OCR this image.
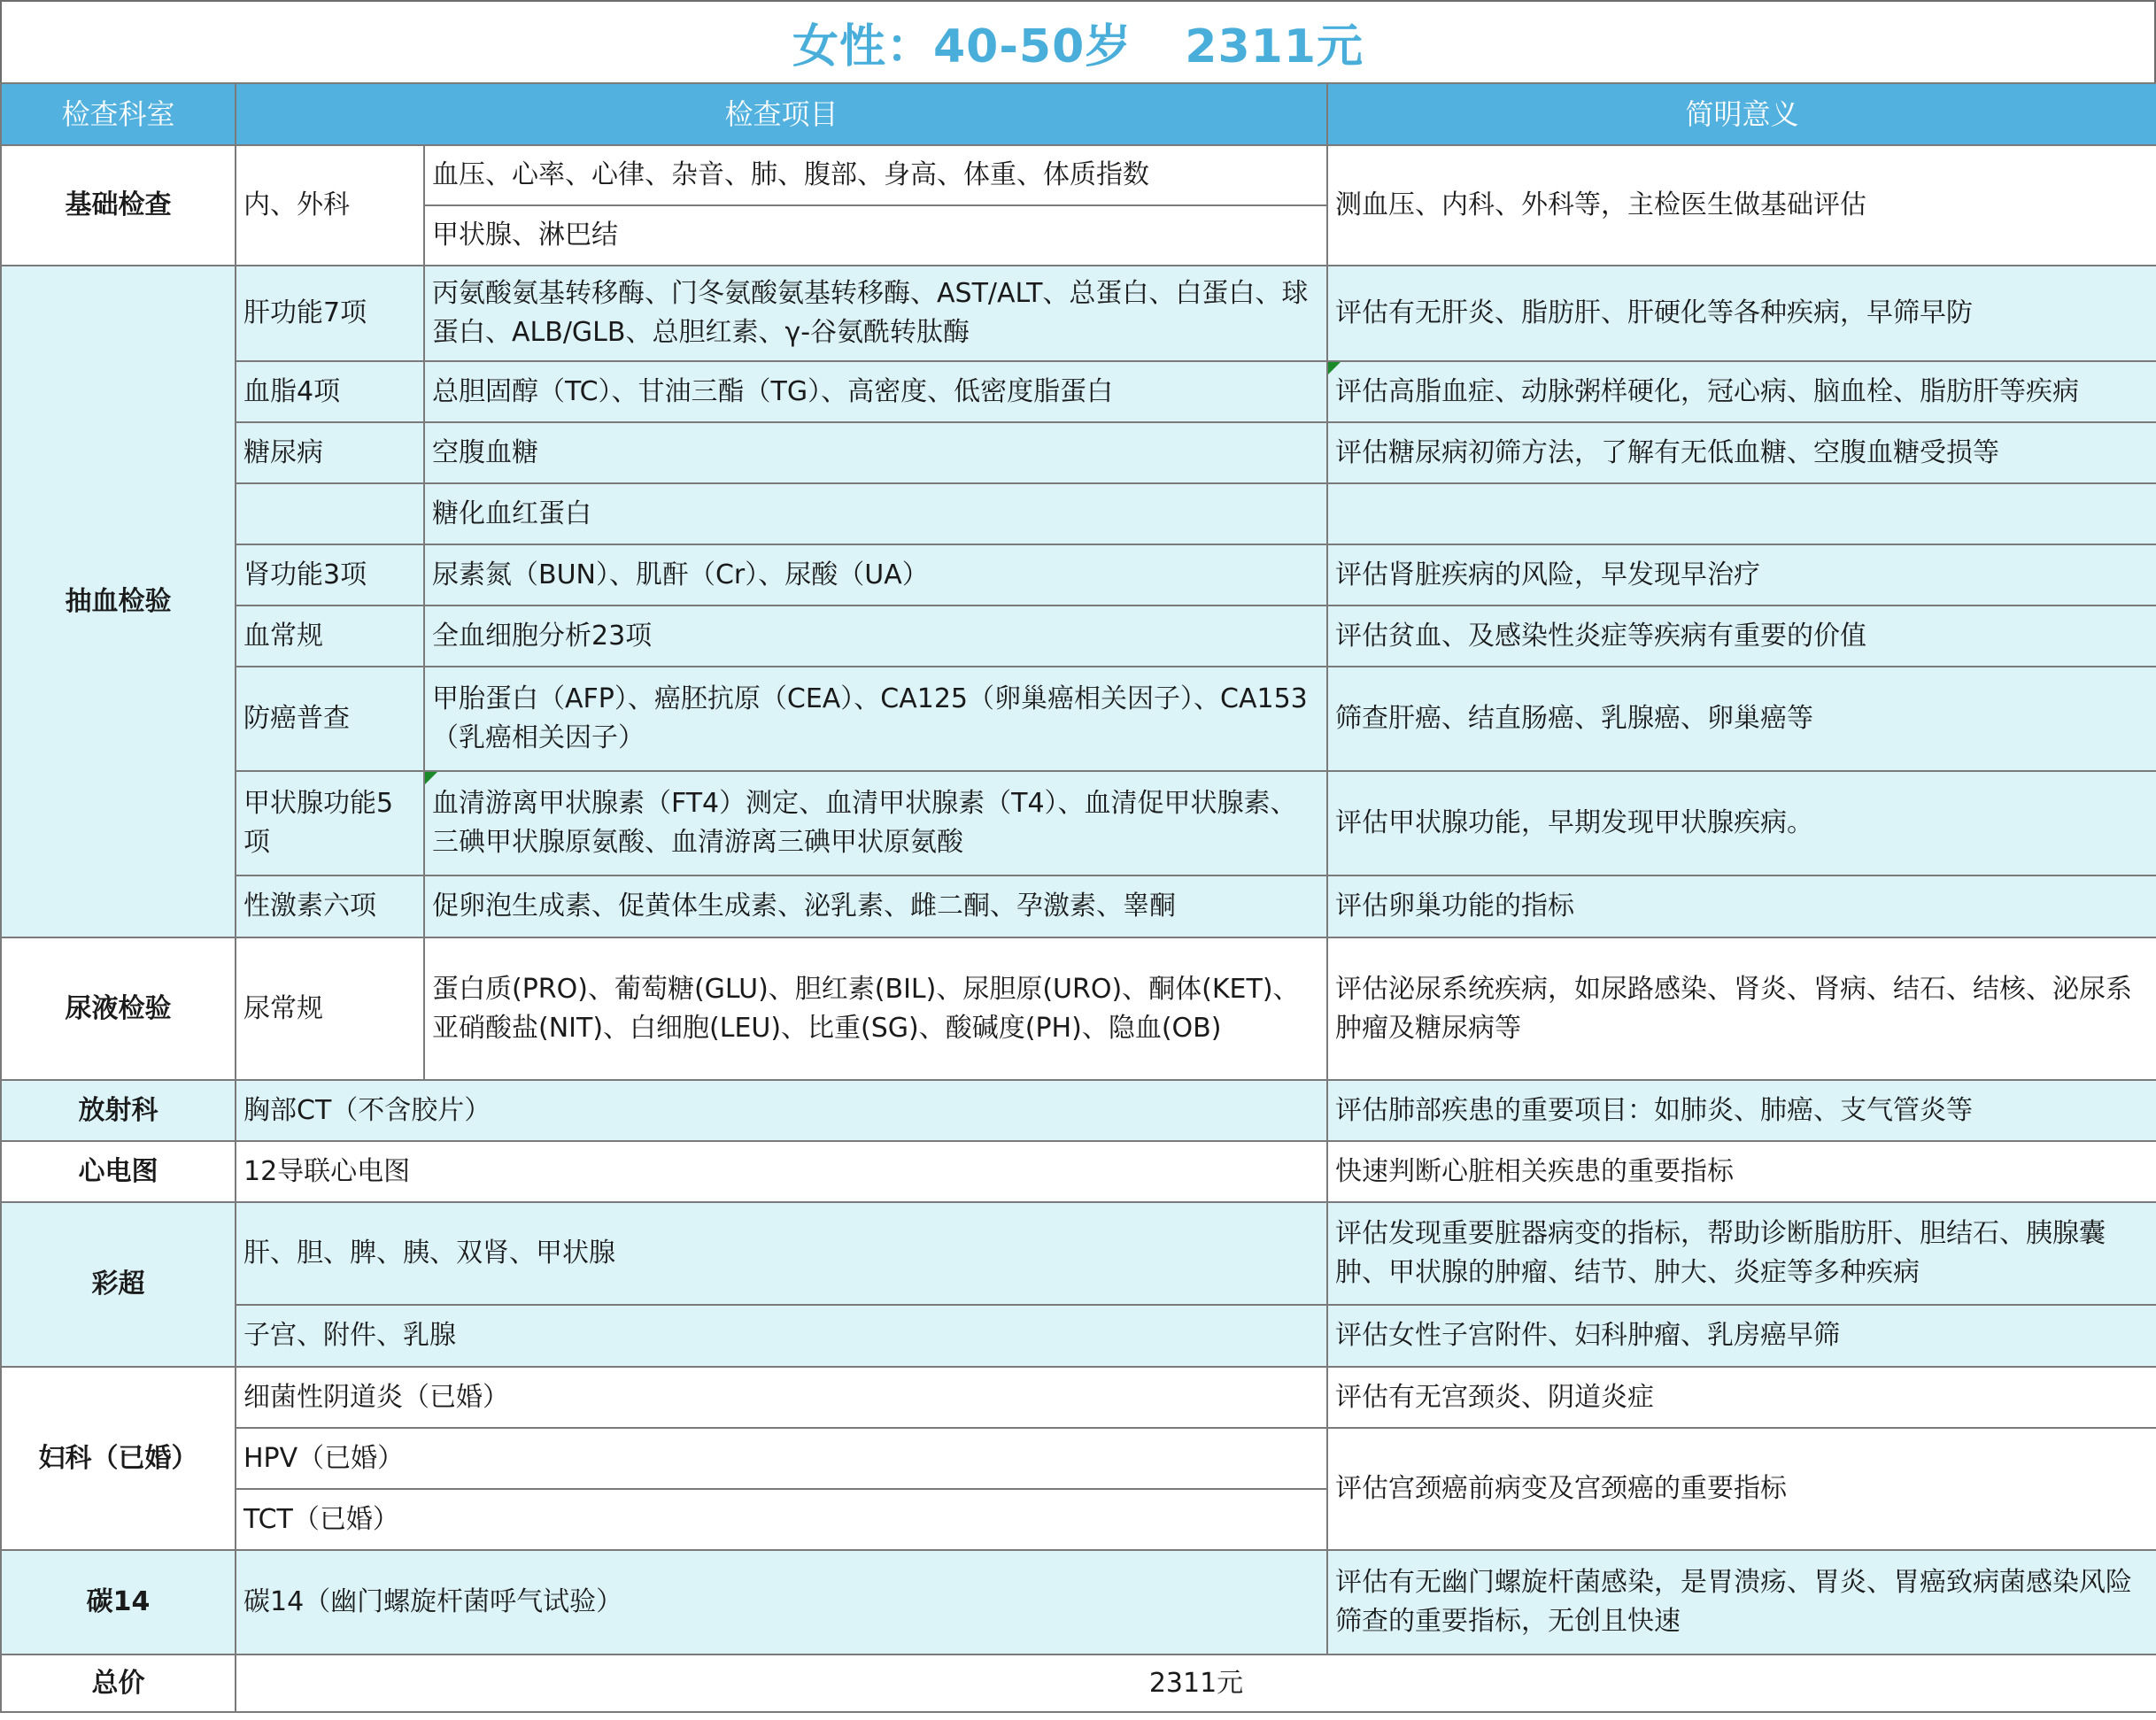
女性：40-50岁 2311元
检查科室	检查项目		简明意义
基础检查	内、外科	血压、心率、心律、杂音、肺、腹部、身高、体重、体质指数	测血压、内科、外科等，主检医生做基础评估
		甲状腺、淋巴结	
抽血检验	肝功能7项	丙氨酸氨基转移酶、门冬氨酸氨基转移酶、AST/ALT、总蛋白、白蛋白、球蛋白、ALB/GLB、总胆红素、γ-谷氨酰转肽酶	评估有无肝炎、脂肪肝、肝硬化等各种疾病，早筛早防
	血脂4项	总胆固醇（TC）、甘油三酯（TG）、高密度、低密度脂蛋白	评估高脂血症、动脉粥样硬化，冠心病、脑血栓、脂肪肝等疾病
	糖尿病	空腹血糖	评估糖尿病初筛方法，了解有无低血糖、空腹血糖受损等
		糖化血红蛋白	
	肾功能3项	尿素氮（BUN）、肌酐（Cr）、尿酸（UA）	评估肾脏疾病的风险，早发现早治疗
	血常规	全血细胞分析23项	评估贫血、及感染性炎症等疾病有重要的价值
	防癌普查	甲胎蛋白（AFP）、癌胚抗原（CEA）、CA125（卵巢癌相关因子）、CA153（乳癌相关因子）	筛查肝癌、结直肠癌、乳腺癌、卵巢癌等
	甲状腺功能5项	血清游离甲状腺素（FT4）测定、血清甲状腺素（T4）、血清促甲状腺素、三碘甲状腺原氨酸、血清游离三碘甲状原氨酸	评估甲状腺功能，早期发现甲状腺疾病。
	性激素六项	促卵泡生成素、促黄体生成素、泌乳素、雌二酮、孕激素、睾酮	评估卵巢功能的指标
尿液检验	尿常规	蛋白质(PRO)、葡萄糖(GLU)、胆红素(BIL)、尿胆原(URO)、酮体(KET)、亚硝酸盐(NIT)、白细胞(LEU)、比重(SG)、酸碱度(PH)、隐血(OB)	评估泌尿系统疾病，如尿路感染、肾炎、肾病、结石、结核、泌尿系肿瘤及糖尿病等
放射科	胸部CT（不含胶片）		评估肺部疾患的重要项目：如肺炎、肺癌、支气管炎等
心电图	12导联心电图		快速判断心脏相关疾患的重要指标
彩超	肝、胆、脾、胰、双肾、甲状腺		评估发现重要脏器病变的指标，帮助诊断脂肪肝、胆结石、胰腺囊肿、甲状腺的肿瘤、结节、肿大、炎症等多种疾病
	子宫、附件、乳腺		评估女性子宫附件、妇科肿瘤、乳房癌早筛
妇科（已婚）	细菌性阴道炎（已婚）		评估有无宫颈炎、阴道炎症
	HPV（已婚）		评估宫颈癌前病变及宫颈癌的重要指标
	TCT（已婚）		
碳14	碳14（幽门螺旋杆菌呼气试验）		评估有无幽门螺旋杆菌感染，是胃溃疡、胃炎、胃癌致病菌感染风险筛查的重要指标，无创且快速
总价	2311元		
